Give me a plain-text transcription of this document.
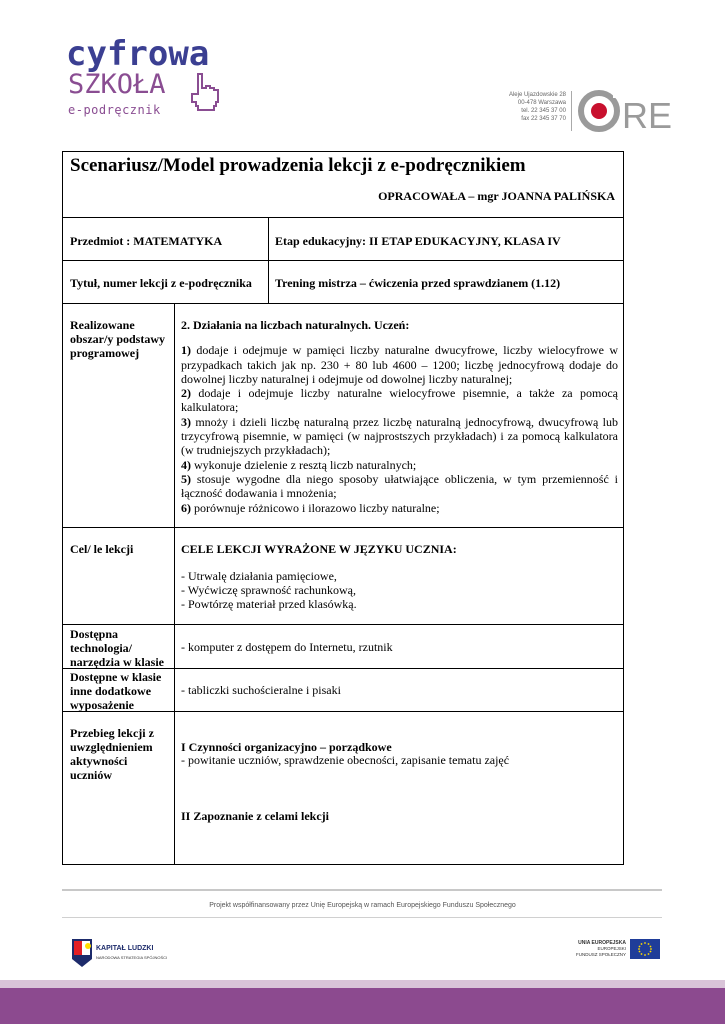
cyfrowa
SZKOŁA
e-podręcznik
Aleje Ujazdowskie 28
00-478 Warszawa
tel. 22 345 37 00
fax 22 345 37 70 RE
Scenariusz/Model prowadzenia lekcji z e-podręcznikiem
OPRACOWAŁA – mgr JOANNA PALIŃSKA
Przedmiot : MATEMATYKA	Etap edukacyjny: II ETAP EDUKACYJNY, KLASA IV
Tytuł, numer lekcji z e-podręcznika Trening mistrza – ćwiczenia przed sprawdzianem (1.12)
Realizowane obszar/y podstawy programowej

2. Działania na liczbach naturalnych. Uczeń:

1) dodaje i odejmuje w pamięci liczby naturalne dwucyfrowe, liczby wielocyfrowe w przypadkach takich jak np. 230 + 80 lub 4600 – 1200; liczbę jednocyfrową dodaje do dowolnej liczby naturalnej i odejmuje od dowolnej liczby naturalnej;

2) dodaje i odejmuje liczby naturalne wielocyfrowe pisemnie, a także za pomocą kalkulatora;

3) mnoży i dzieli liczbę naturalną przez liczbę naturalną jednocyfrową, dwucyfrową lub trzycyfrową pisemnie, w pamięci (w najprostszych przykładach) i za pomocą kalkulatora (w trudniejszych przykładach);

4) wykonuje dzielenie z resztą liczb naturalnych;

5) stosuje wygodne dla niego sposoby ułatwiające obliczenia, w tym przemienność i łączność dodawania i mnożenia;

6) porównuje różnicowo i ilorazowo liczby naturalne;

Cel/ le lekcji	CELE LEKCJI WYRAŻONE W JĘZYKU UCZNIA:
- Utrwalę działania pamięciowe,
- Wyćwiczę sprawność rachunkową,
- Powtórzę materiał przed klasówką.
Dostępna technologia/ narzędzia w klasie
- komputer z dostępem do Internetu, rzutnik
Dostępne w klasie inne dodatkowe wyposażenie
- tabliczki suchościeralne i pisaki
Przebieg lekcji z uwzględnieniem aktywności uczniów
I Czynności organizacyjno – porządkowe
- powitanie uczniów, sprawdzenie obecności, zapisanie tematu zajęć
II Zapoznanie z celami lekcji
Projekt współfinansowany przez Unię Europejską w ramach Europejskiego Funduszu Społecznego
KAPITAŁ LUDZKI
NARODOWA STRATEGIA SPÓJNOŚCI
UNIA EUROPEJSKA
EUROPEJSKI
FUNDUSZ SPOŁECZNY
